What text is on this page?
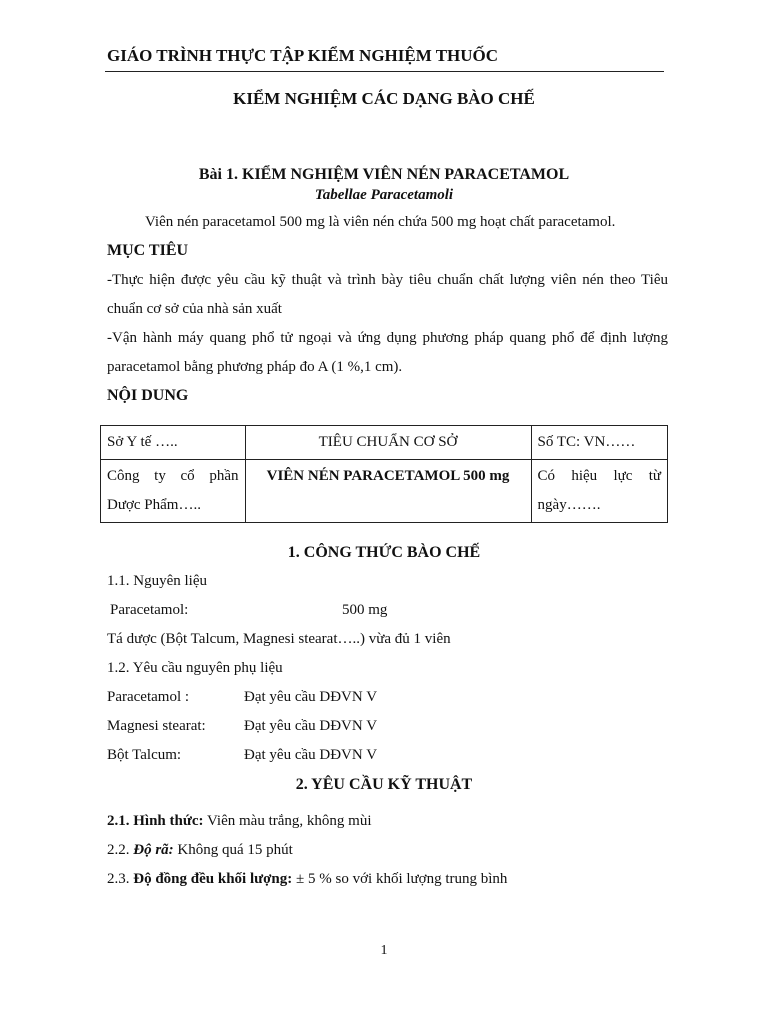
GIÁO TRÌNH THỰC TẬP KIỂM NGHIỆM THUỐC
KIỂM NGHIỆM CÁC DẠNG BÀO CHẾ
Bài 1. KIỂM NGHIỆM VIÊN NÉN PARACETAMOL
Tabellae Paracetamoli
Viên nén paracetamol 500 mg là viên nén chứa 500 mg hoạt chất paracetamol.
MỤC TIÊU
-Thực hiện được yêu cầu kỹ thuật và trình bày tiêu chuẩn chất lượng viên nén theo Tiêu
chuẩn cơ sở của nhà sản xuất
-Vận hành máy quang phổ tử ngoại và ứng dụng phương pháp quang phổ để định lượng
paracetamol bằng phương pháp đo A (1 %,1 cm).
NỘI DUNG
Sở Y tế …..	TIÊU CHUẨN CƠ SỞ	Số TC: VN……

Công ty cổ phần
Dược Phẩm…..	VIÊN NÉN PARACETAMOL 500 mg	Có hiệu lực từ
ngày…….
1. CÔNG THỨC BÀO CHẾ
1.1. Nguyên liệu
Paracetamol:	500 mg
Tá dược (Bột Talcum, Magnesi stearat…..) vừa đủ 1 viên
1.2. Yêu cầu nguyên phụ liệu
Paracetamol :	Đạt yêu cầu DĐVN V
Magnesi stearat:	Đạt yêu cầu DĐVN V
Bột Talcum:	Đạt yêu cầu DĐVN V
2. YÊU CẦU KỸ THUẬT
2.1. Hình thức: Viên màu trắng, không mùi
2.2. Độ rã: Không quá 15 phút
2.3. Độ đồng đều khối lượng: ± 5 % so với khối lượng trung bình
1
